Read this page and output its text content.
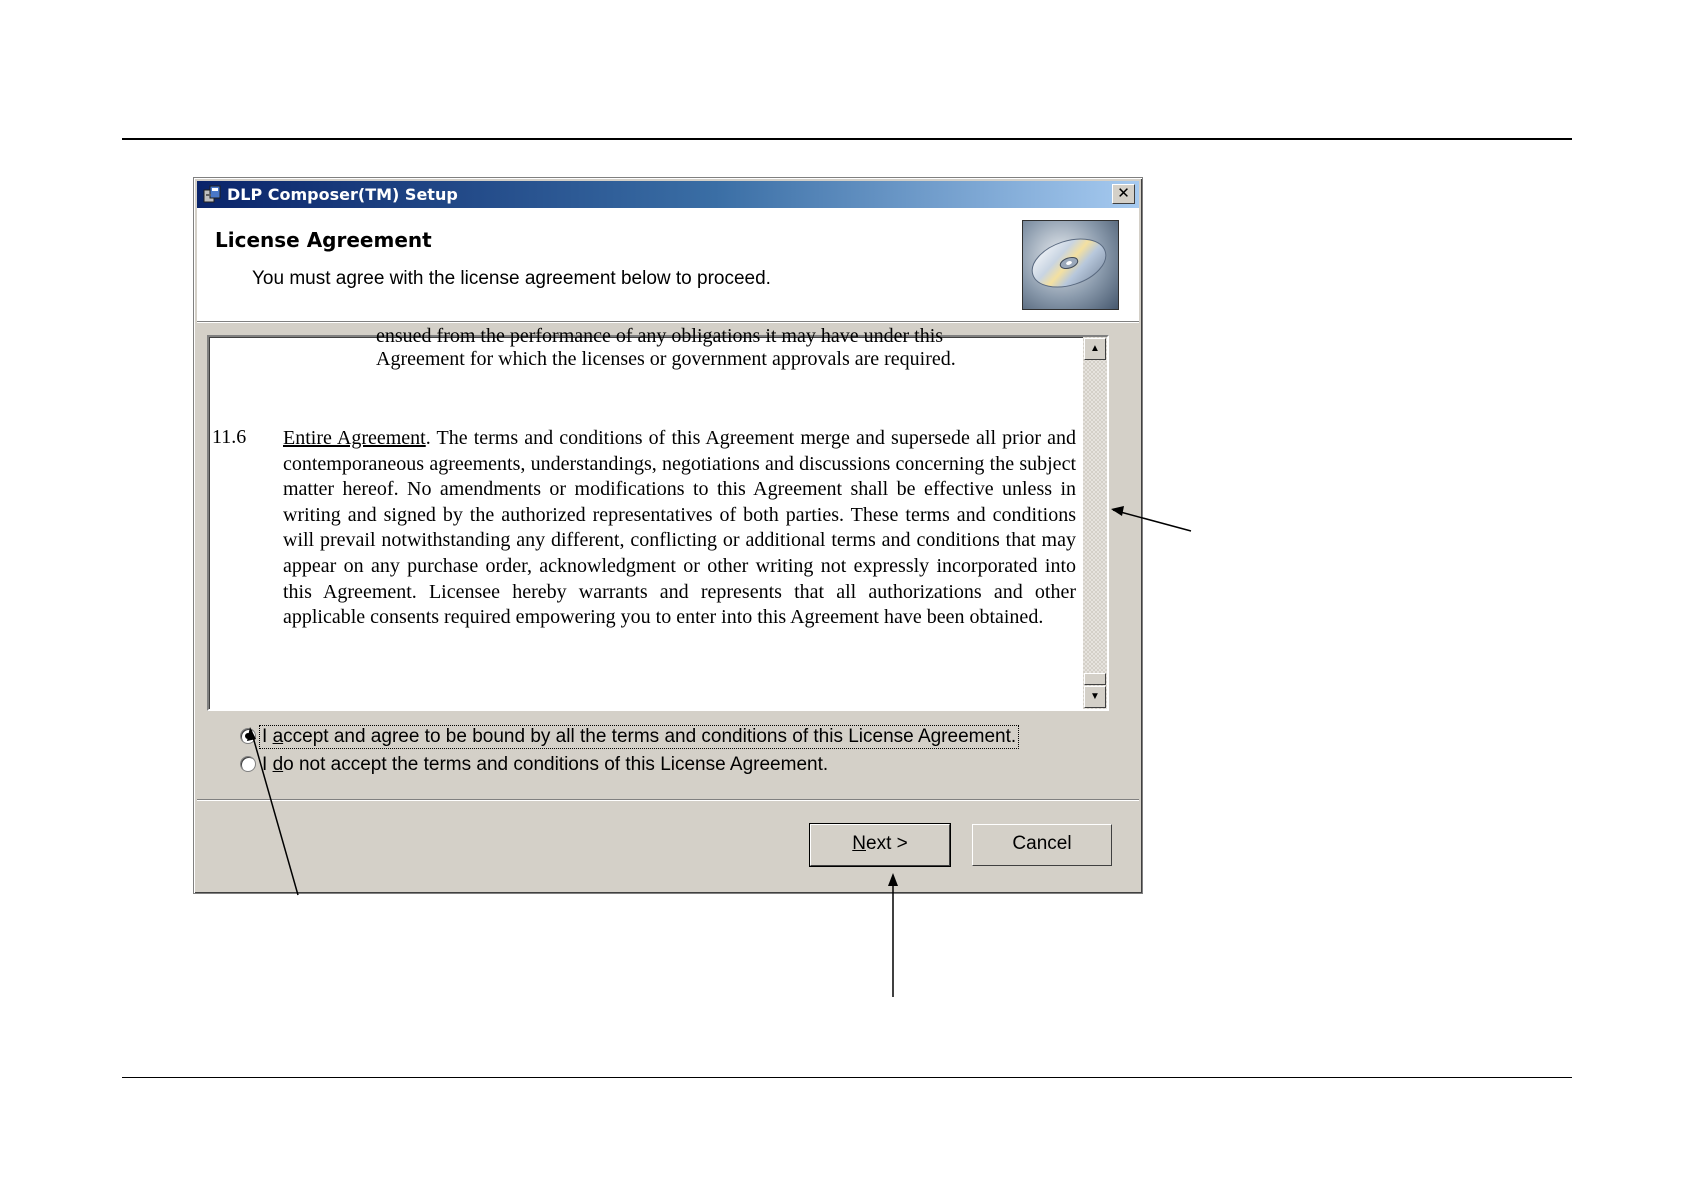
DLP Composer(TM) Setup	✕
License Agreement
You must agree with the license agreement below to proceed.
ensued from the performance of any obligations it may have under this
Agreement for which the licenses or government approvals are required.
11.6 Entire Agreement. The terms and conditions of this Agreement merge and supersede all prior and contemporaneous agreements, understandings, negotiations and discussions concerning the subject matter hereof. No amendments or modifications to this Agreement shall be effective unless in writing and signed by the authorized representatives of both parties. These terms and conditions will prevail notwithstanding any different, conflicting or additional terms and conditions that may appear on any purchase order, acknowledgment or other writing not expressly incorporated into this Agreement. Licensee hereby warrants and represents that all authorizations and other applicable consents required empowering you to enter into this Agreement have been obtained.
▲
▼
I accept and agree to be bound by all the terms and conditions of this License Agreement.
I do not accept the terms and conditions of this License Agreement.
Next >	Cancel
